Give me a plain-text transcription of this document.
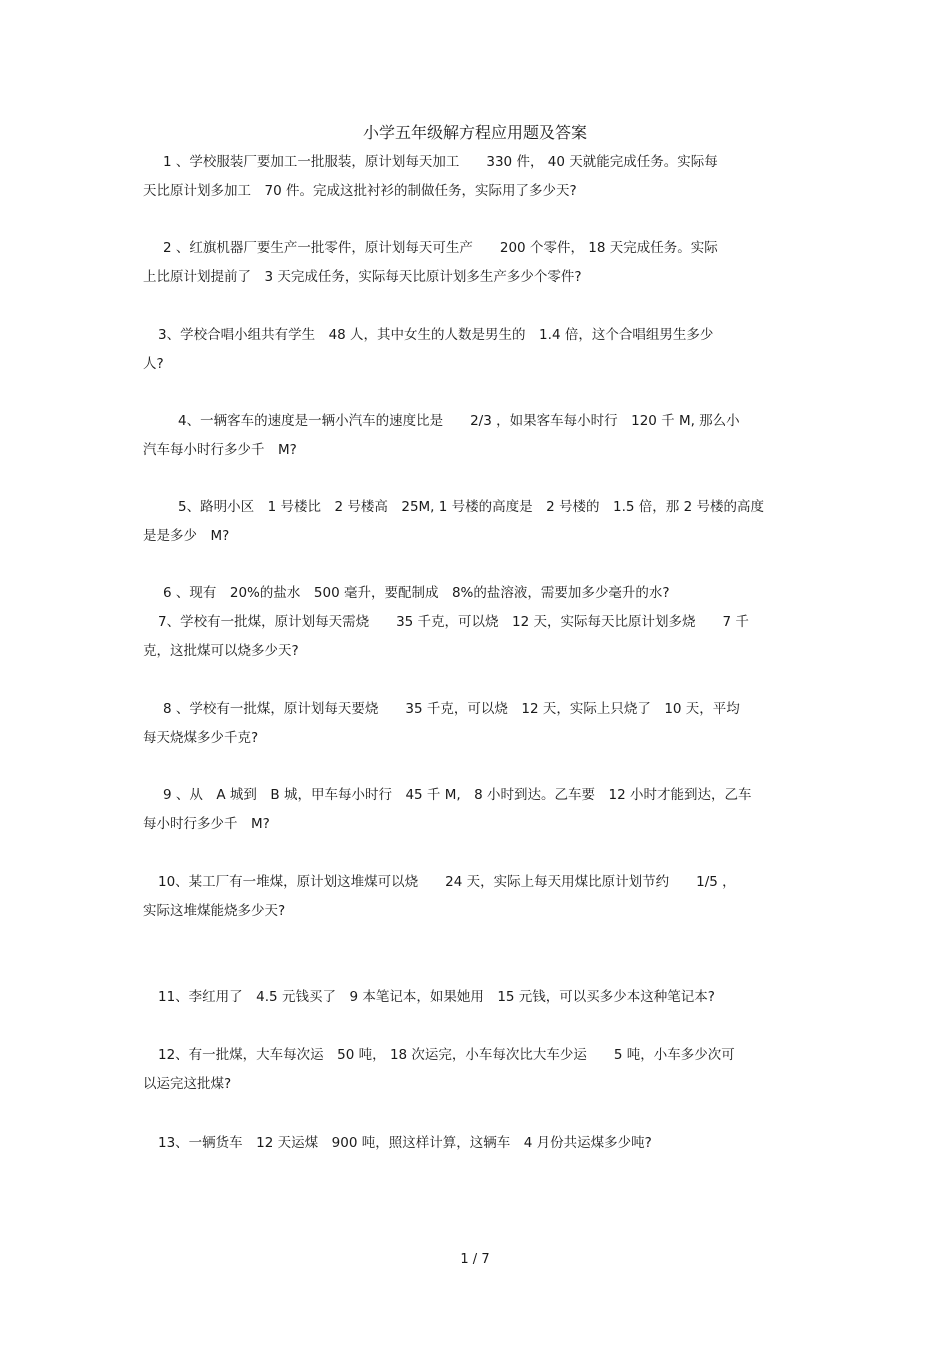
小学五年级解方程应用题及答案
1 、学校服装厂要加工一批服装，原计划每天加工　　330 件， 40 天就能完成任务。实际每
天比原计划多加工　70 件。完成这批衬衫的制做任务，实际用了多少天?
2 、红旗机器厂要生产一批零件，原计划每天可生产　　200 个零件， 18 天完成任务。实际
上比原计划提前了　3 天完成任务，实际每天比原计划多生产多少个零件?
3、学校合唱小组共有学生　48 人，其中女生的人数是男生的　1.4 倍，这个合唱组男生多少
人?
4、一辆客车的速度是一辆小汽车的速度比是　　2/3 ，如果客车每小时行　120 千 M, 那么小
汽车每小时行多少千　M?
5、路明小区　1 号楼比　2 号楼高　25M, 1 号楼的高度是　2 号楼的　1.5 倍，那 2 号楼的高度
是是多少　M?
6 、现有　20%的盐水　500 毫升，要配制成　8%的盐溶液，需要加多少毫升的水?
7、学校有一批煤，原计划每天需烧　　35 千克，可以烧　12 天，实际每天比原计划多烧　　7 千
克，这批煤可以烧多少天?
8 、学校有一批煤，原计划每天要烧　　35 千克，可以烧　12 天，实际上只烧了　10 天，平均
每天烧煤多少千克?
9 、从　A 城到　B 城，甲车每小时行　45 千 M,　8 小时到达。乙车要　12 小时才能到达，乙车
每小时行多少千　M?
10、某工厂有一堆煤，原计划这堆煤可以烧　　24 天，实际上每天用煤比原计划节约　　1/5 ，
实际这堆煤能烧多少天?
11、李红用了　4.5 元钱买了　9 本笔记本，如果她用　15 元钱，可以买多少本这种笔记本?
12、有一批煤，大车每次运　50 吨， 18 次运完，小车每次比大车少运　　5 吨，小车多少次可
以运完这批煤?
13、一辆货车　12 天运煤　900 吨，照这样计算，这辆车　4 月份共运煤多少吨?
1 / 7
